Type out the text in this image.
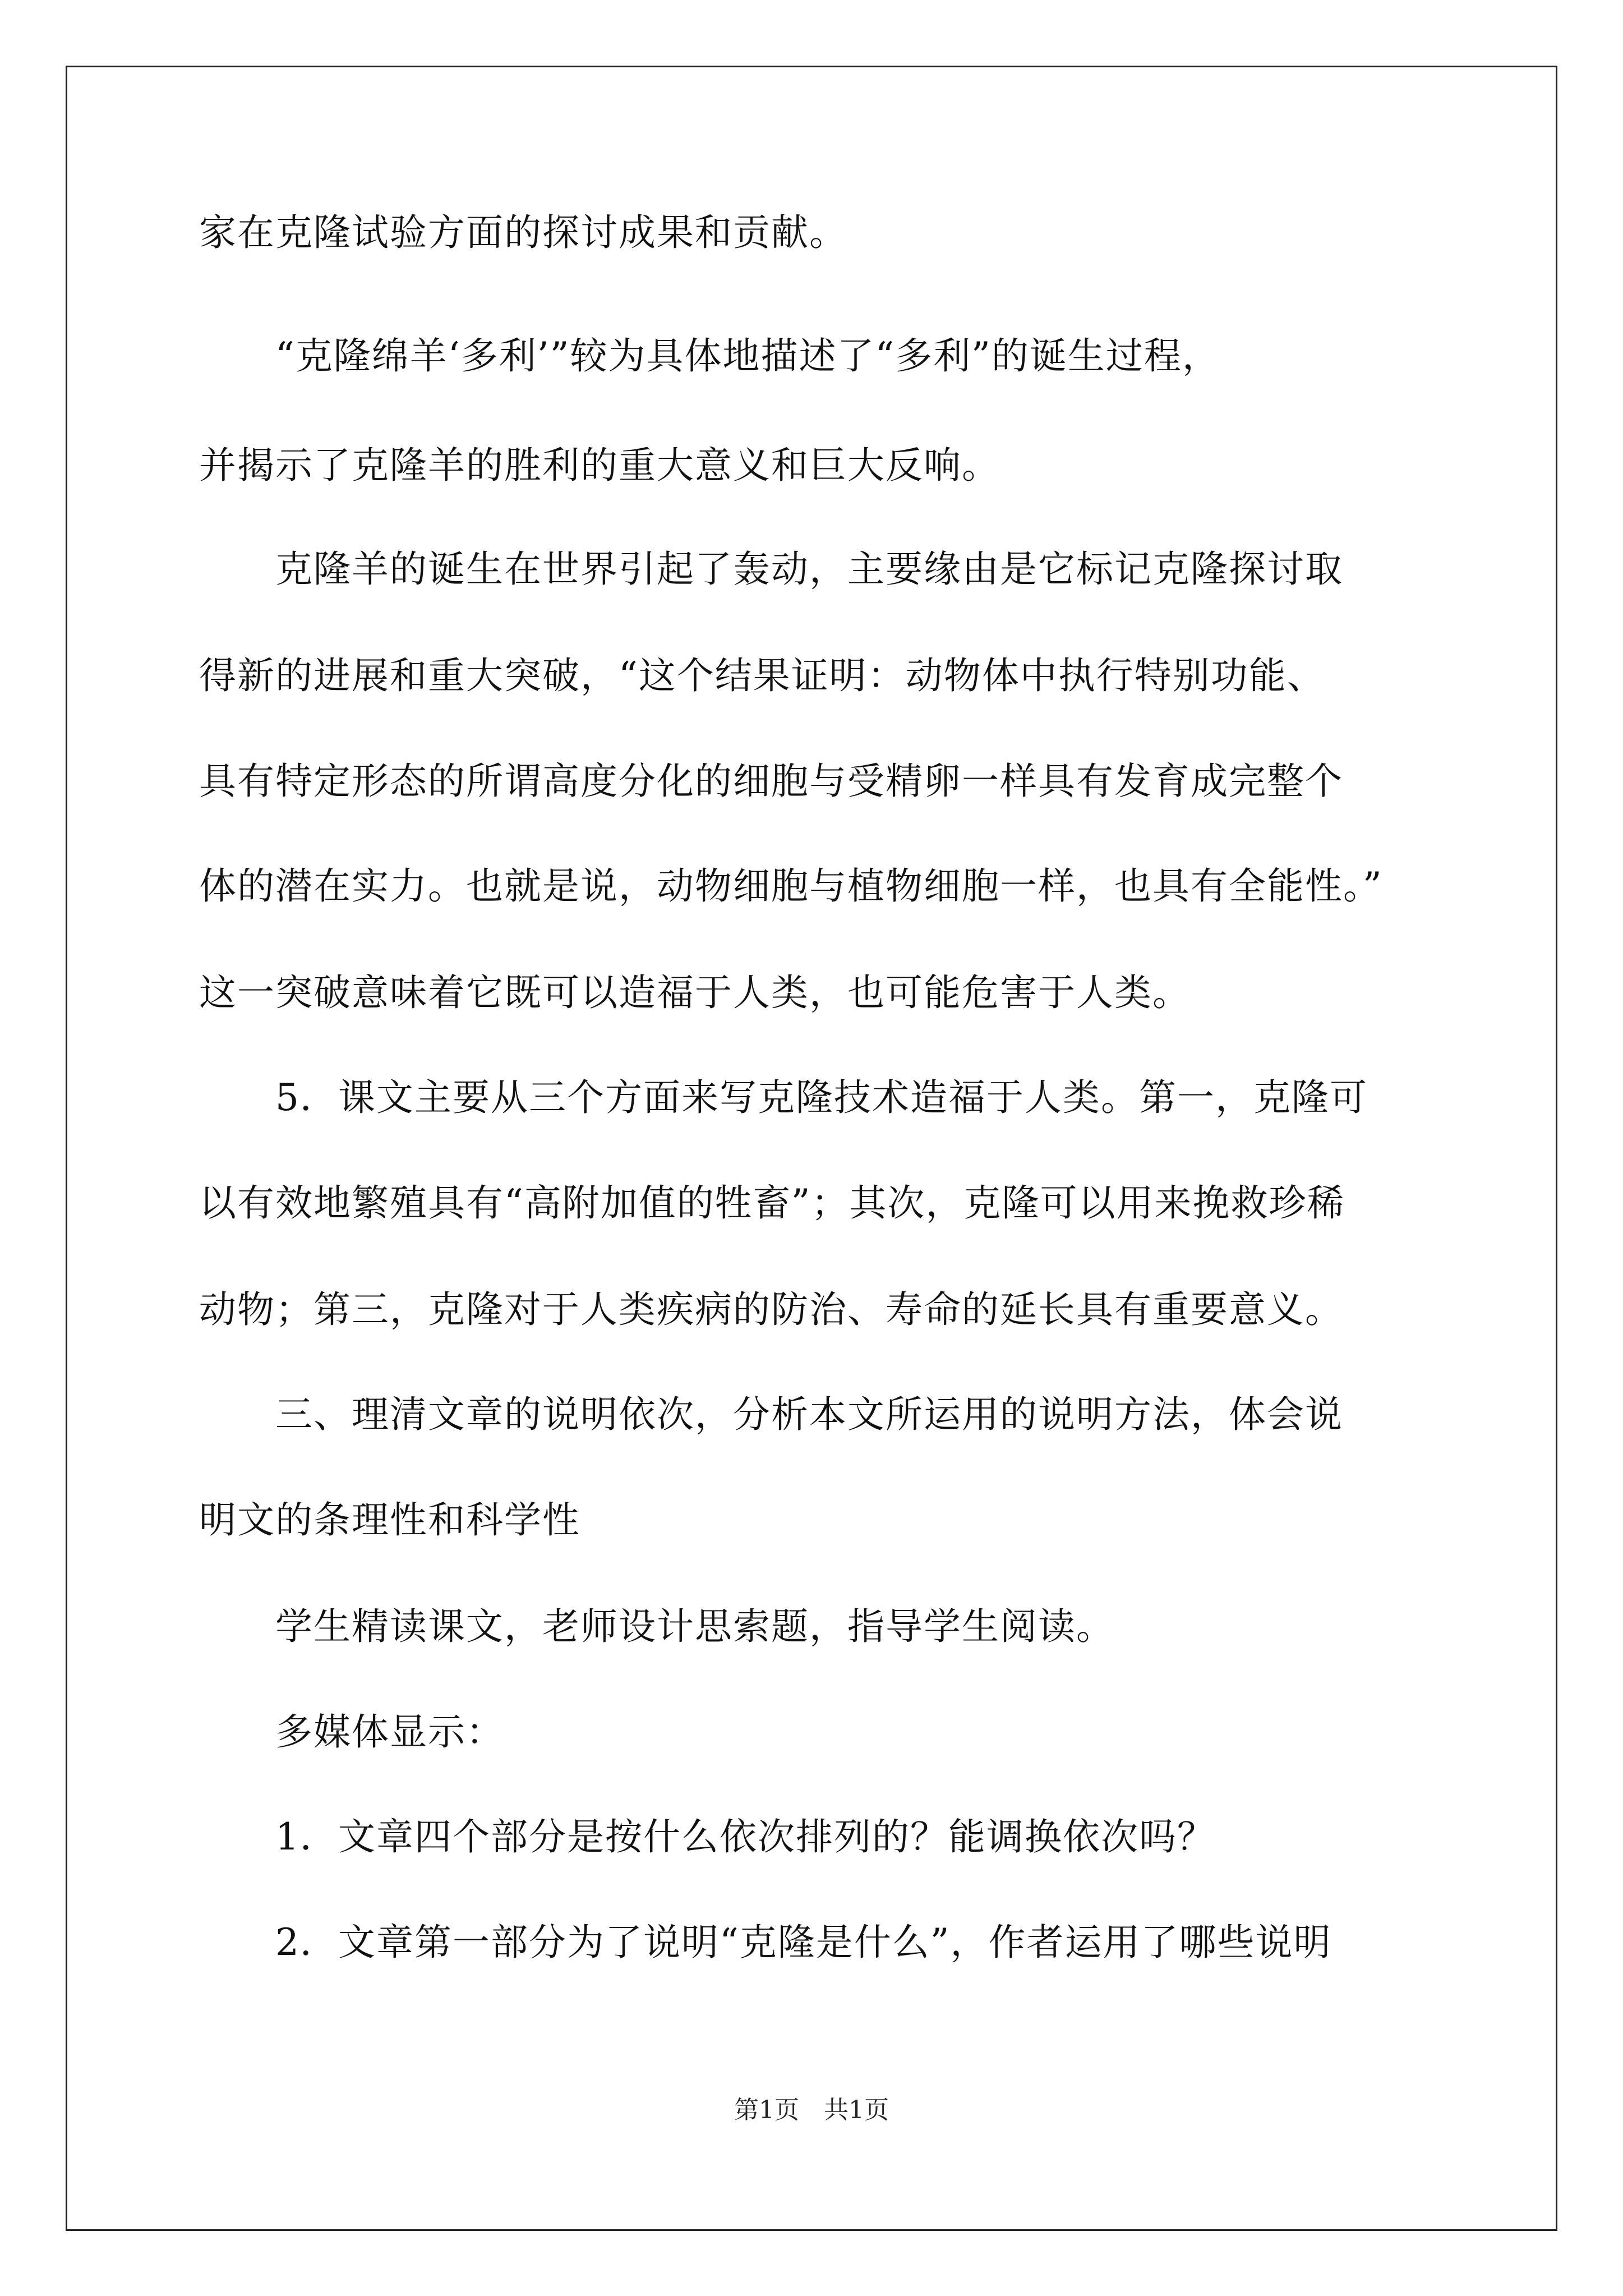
家在克隆试验方面的探讨成果和贡献。
　　“克隆绵羊‘多利’”较为具体地描述了“多利”的诞生过程，
并揭示了克隆羊的胜利的重大意义和巨大反响。
　　克隆羊的诞生在世界引起了轰动，主要缘由是它标记克隆探讨取
得新的进展和重大突破，“这个结果证明：动物体中执行特别功能、
具有特定形态的所谓高度分化的细胞与受精卵一样具有发育成完整个
体的潜在实力。也就是说，动物细胞与植物细胞一样，也具有全能性。”
这一突破意味着它既可以造福于人类，也可能危害于人类。
　　5．课文主要从三个方面来写克隆技术造福于人类。第一，克隆可
以有效地繁殖具有“高附加值的牲畜”；其次，克隆可以用来挽救珍稀
动物；第三，克隆对于人类疾病的防治、寿命的延长具有重要意义。
　　三、理清文章的说明依次，分析本文所运用的说明方法，体会说
明文的条理性和科学性
　　学生精读课文，老师设计思索题，指导学生阅读。
　　多媒体显示：
　　1．文章四个部分是按什么依次排列的？能调换依次吗？
　　2．文章第一部分为了说明“克隆是什么”，作者运用了哪些说明
第1页　共1页
